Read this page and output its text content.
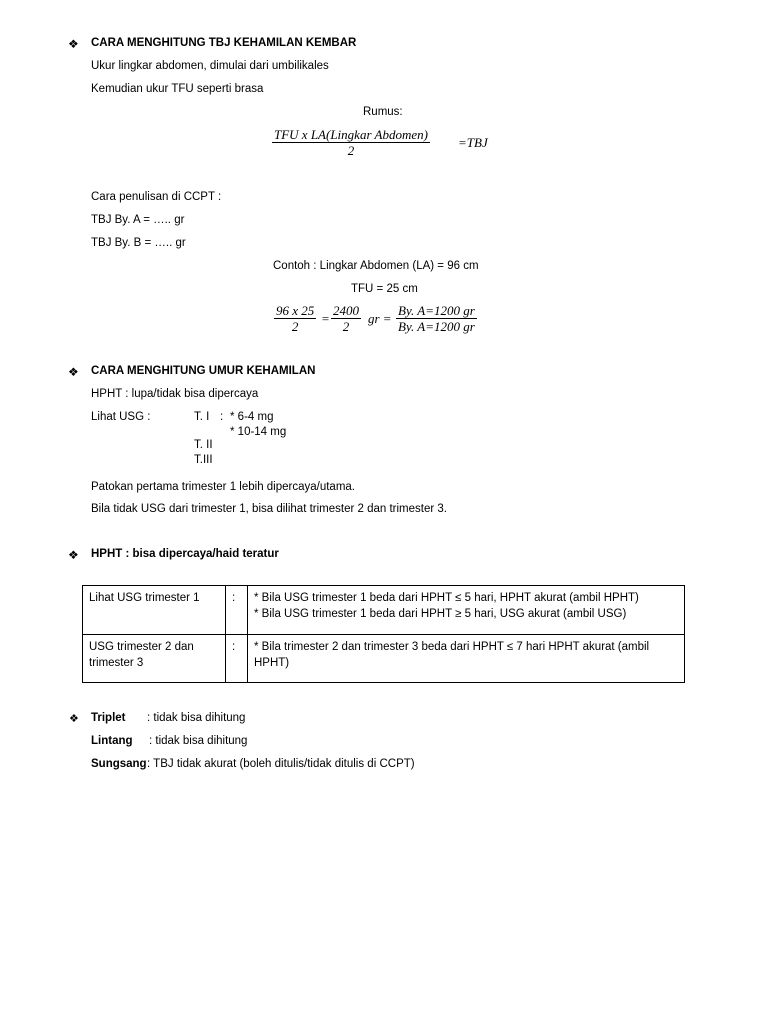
❖ CARA MENGHITUNG TBJ KEHAMILAN KEMBAR
Ukur lingkar abdomen, dimulai dari umbilikales
Kemudian ukur TFU seperti brasa
Rumus:
TFU x LA(Lingkar Abdomen)
2
=TBJ
Cara penulisan di CCPT :
TBJ By. A = ….. gr
TBJ By. B = ….. gr
Contoh : Lingkar Abdomen (LA) = 96 cm
TFU = 25 cm
$\frac{96 x 25}{2} = \frac{2400}{2}$ gr = $\frac{By. A=1200 gr}{By. A=1200 gr}$
❖ CARA MENGHITUNG UMUR KEHAMILAN
HPHT : lupa/tidak bisa dipercaya
Lihat USG :	T. I : * 6-4 mg
* 10-14 mg
T. II
T.III
Patokan pertama trimester 1 lebih dipercaya/utama.
Bila tidak USG dari trimester 1, bisa dilihat trimester 2 dan trimester 3.
❖ HPHT : bisa dipercaya/haid teratur
Lihat USG trimester 1	:	* Bila USG trimester 1 beda dari HPHT ≤ 5 hari, HPHT akurat (ambil HPHT)
* Bila USG trimester 1 beda dari HPHT ≥ 5 hari, USG akurat (ambil USG)

USG trimester 2 dan trimester 3	:	* Bila trimester 2 dan trimester 3 beda dari HPHT ≤ 7 hari HPHT akurat (ambil HPHT)
❖ Triplet : tidak bisa dihitung
Lintang : tidak bisa dihitung
Sungsang : TBJ tidak akurat (boleh ditulis/tidak ditulis di CCPT)
